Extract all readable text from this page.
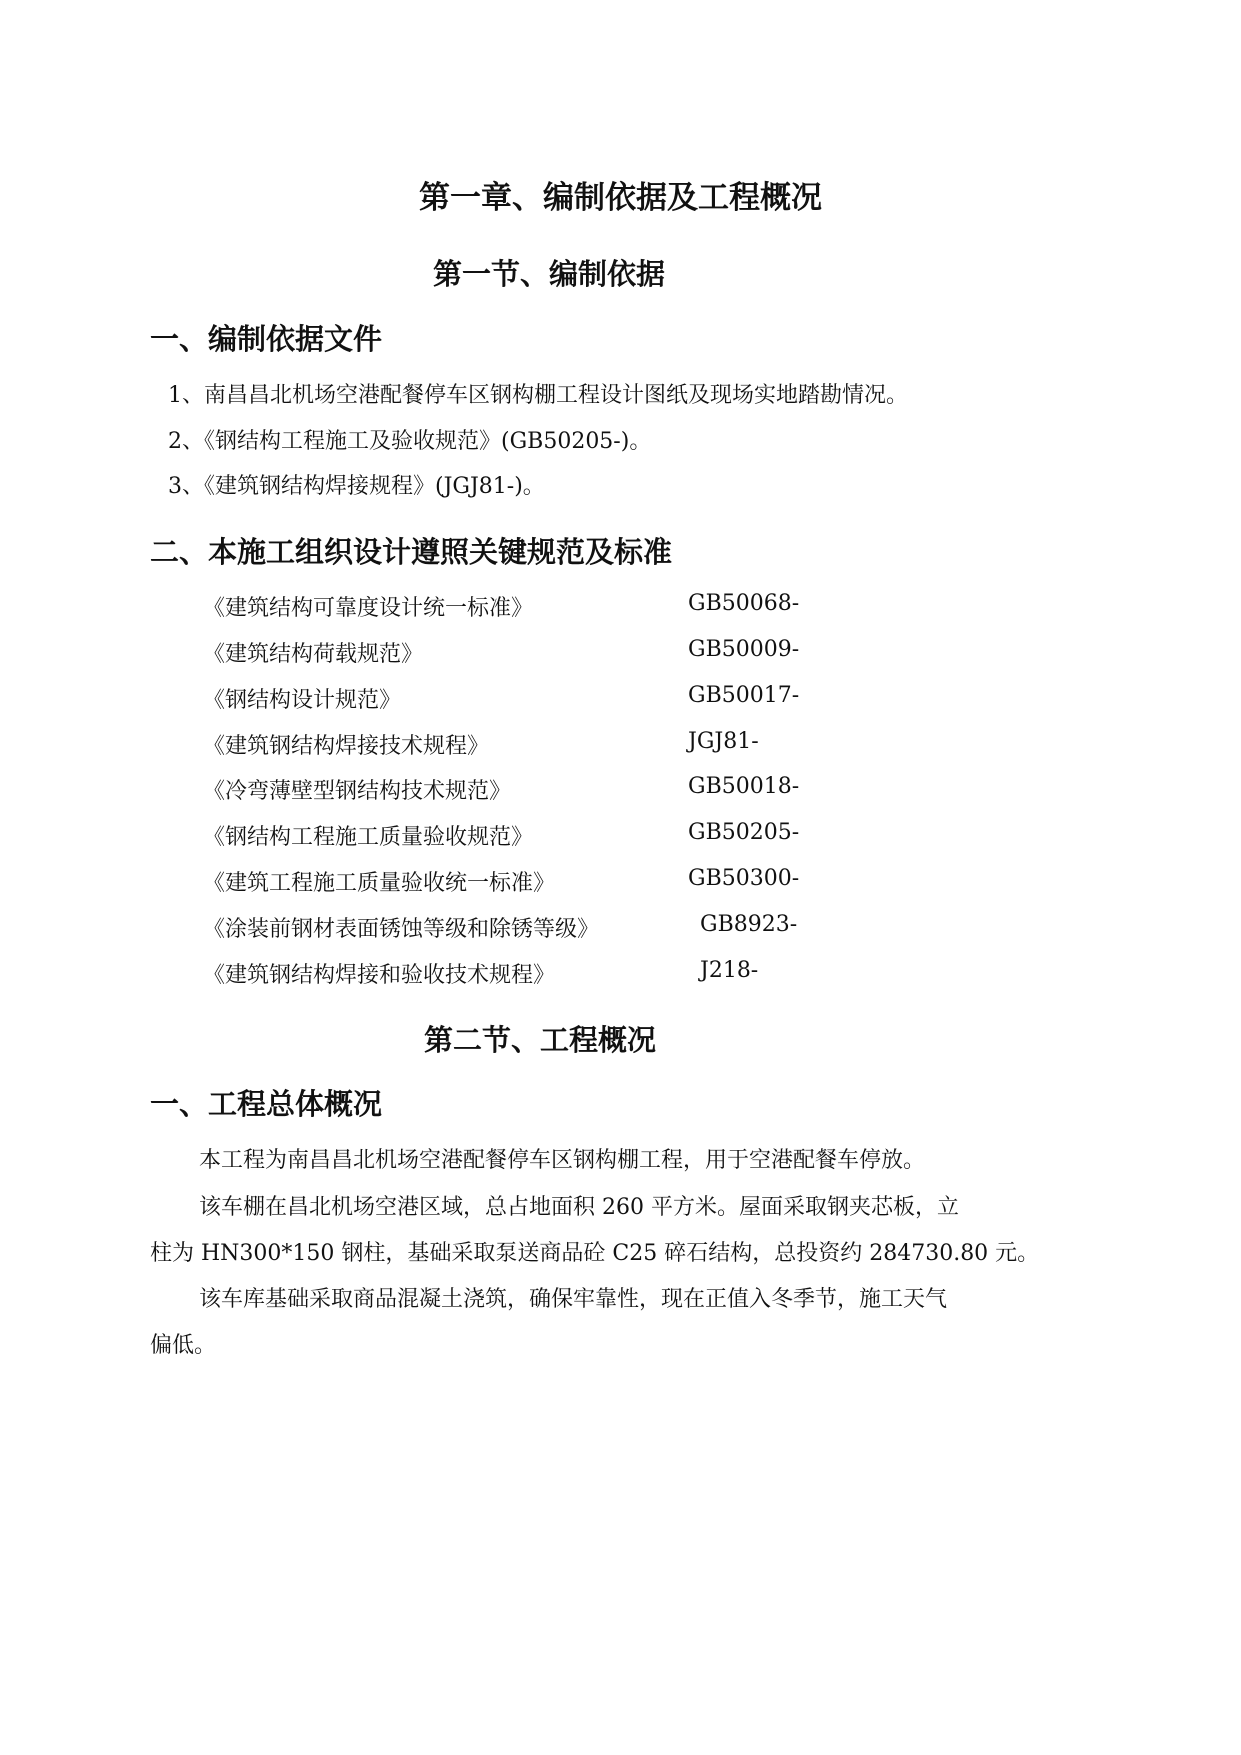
第一章、编制依据及工程概况
第一节、编制依据
一、编制依据文件
1、南昌昌北机场空港配餐停车区钢构棚工程设计图纸及现场实地踏勘情况。
2、《钢结构工程施工及验收规范》(GB50205-)。
3、《建筑钢结构焊接规程》(JGJ81-)。
二、本施工组织设计遵照关键规范及标准
《建筑结构可靠度设计统一标准》	GB50068-
《建筑结构荷载规范》	GB50009-
《钢结构设计规范》	GB50017-
《建筑钢结构焊接技术规程》	JGJ81-
《冷弯薄壁型钢结构技术规范》	GB50018-
《钢结构工程施工质量验收规范》	GB50205-
《建筑工程施工质量验收统一标准》	GB50300-
《涂装前钢材表面锈蚀等级和除锈等级》	GB8923-
《建筑钢结构焊接和验收技术规程》	J218-
第二节、工程概况
一、工程总体概况
本工程为南昌昌北机场空港配餐停车区钢构棚工程，用于空港配餐车停放。
该车棚在昌北机场空港区域，总占地面积 260 平方米。屋面采取钢夹芯板，立
柱为 HN300*150 钢柱，基础采取泵送商品砼 C25 碎石结构，总投资约 284730.80 元。
该车库基础采取商品混凝土浇筑，确保牢靠性，现在正值入冬季节，施工天气
偏低。
